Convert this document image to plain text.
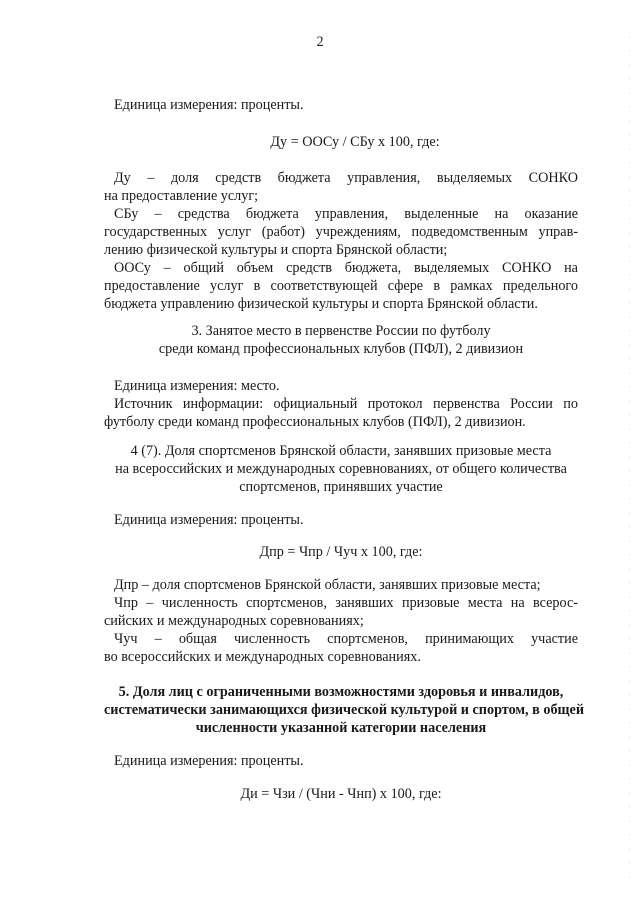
2
Единица измерения: проценты.
Ду = ООСу / СБу х 100, где:
Ду – доля средств бюджета управления, выделяемых СОНКО
на предоставление услуг;
СБу – средства бюджета управления, выделенные на оказание
государственных услуг (работ) учреждениям, подведомственным управ-
лению физической культуры и спорта Брянской области;
ООСу – общий объем средств бюджета, выделяемых СОНКО на
предоставление услуг в соответствующей сфере в рамках предельного
бюджета управлению физической культуры и спорта Брянской области.
3. Занятое место в первенстве России по футболу
среди команд профессиональных клубов (ПФЛ), 2 дивизион
Единица измерения: место.
Источник информации: официальный протокол первенства России по
футболу среди команд профессиональных клубов (ПФЛ), 2 дивизион.
4 (7). Доля спортсменов Брянской области, занявших призовые места
на всероссийских и международных соревнованиях, от общего количества
спортсменов, принявших участие
Единица измерения: проценты.
Дпр = Чпр / Чуч х 100, где:
Дпр – доля спортсменов Брянской области, занявших призовые места;
Чпр – численность спортсменов, занявших призовые места на всерос-
сийских и международных соревнованиях;
Чуч – общая численность спортсменов, принимающих участие
во всероссийских и международных соревнованиях.
5. Доля лиц с ограниченными возможностями здоровья и инвалидов,
систематически занимающихся физической культурой и спортом, в общей
численности указанной категории населения
Единица измерения: проценты.
Ди = Чзи / (Чни - Чнп) х 100, где:
